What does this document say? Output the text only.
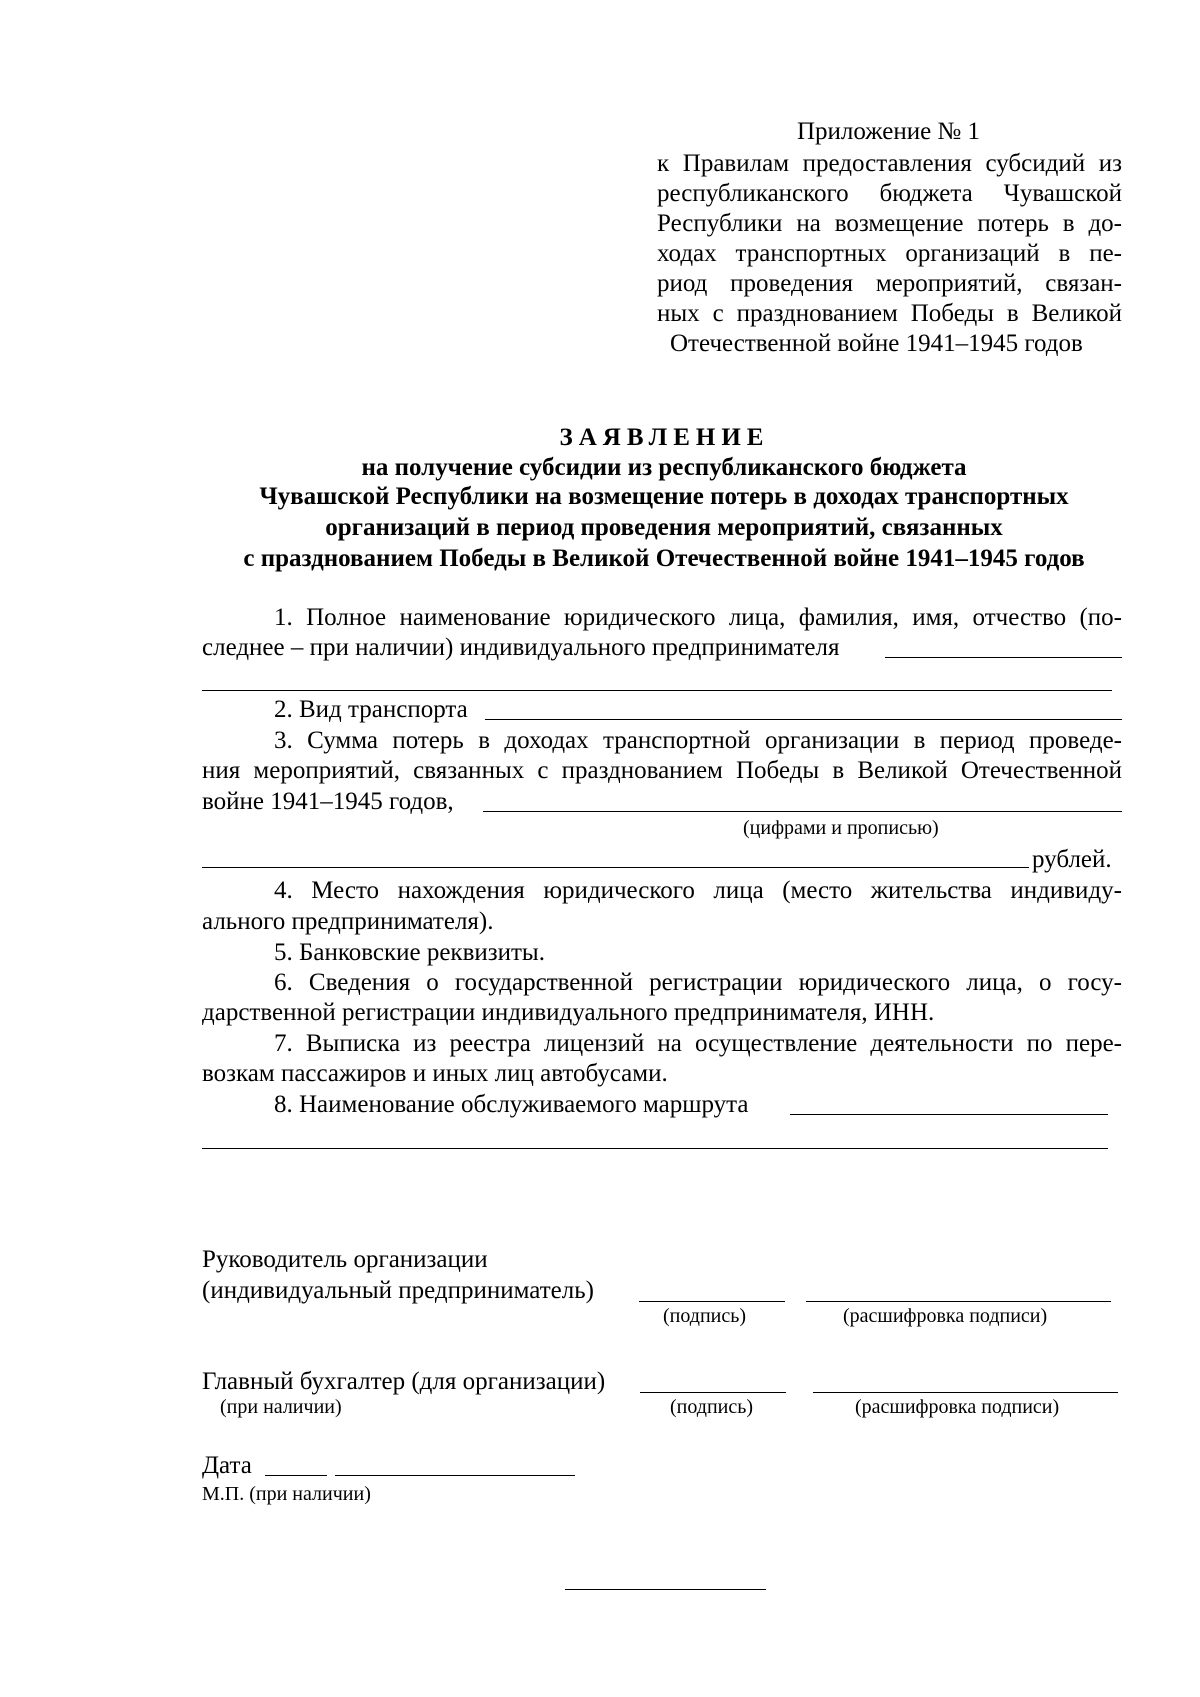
Приложение № 1
к Правилам предоставления субсидий из
республиканского бюджета Чувашской
Республики на возмещение потерь в до-
ходах транспортных организаций в пе-
риод проведения мероприятий, связан-
ных с празднованием Победы в Великой
Отечественной войне 1941–1945 годов
ЗАЯВЛЕНИЕ
на получение субсидии из республиканского бюджета
Чувашской Республики на возмещение потерь в доходах транспортных
организаций в период проведения мероприятий, связанных
с празднованием Победы в Великой Отечественной войне 1941–1945 годов
1. Полное наименование юридического лица, фамилия, имя, отчество (по-
следнее – при наличии) индивидуального предпринимателя
2. Вид транспорта
3. Сумма потерь в доходах транспортной организации в период проведе-
ния мероприятий, связанных с празднованием Победы в Великой Отечественной
войне 1941–1945 годов,
(цифрами и прописью)
рублей.
4. Место нахождения юридического лица (место жительства индивиду-
ального предпринимателя).
5. Банковские реквизиты.
6. Сведения о государственной регистрации юридического лица, о госу-
дарственной регистрации индивидуального предпринимателя, ИНН.
7. Выписка из реестра лицензий на осуществление деятельности по пере-
возкам пассажиров и иных лиц автобусами.
8. Наименование обслуживаемого маршрута
Руководитель организации
(индивидуальный предприниматель)
(подпись)	(расшифровка подписи)
Главный бухгалтер (для организации)
(при наличии)	(подпись)	(расшифровка подписи)
Дата
М.П. (при наличии)
